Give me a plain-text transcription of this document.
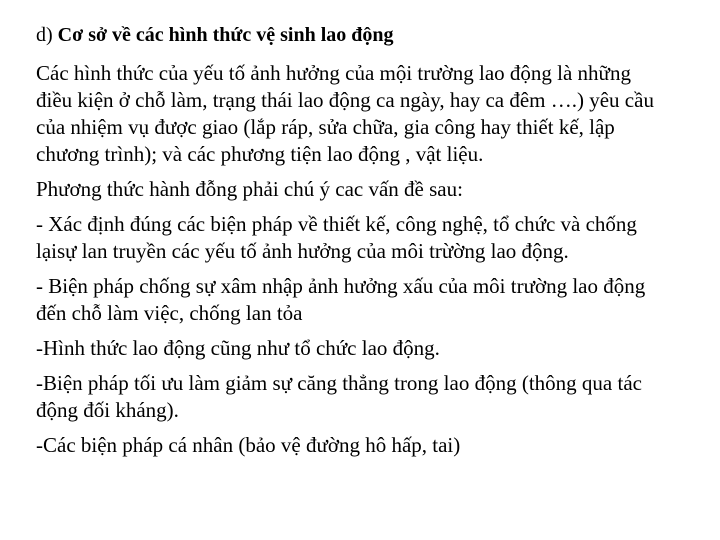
d) Cơ sở về các hình thức vệ sinh lao động
Các hình thức của yếu tố ảnh hưởng của mội trường lao động là những
điều kiện ở chỗ làm, trạng thái lao động ca ngày, hay ca đêm ….) yêu cầu
của nhiệm vụ được giao (lắp ráp, sửa chữa, gia công hay thiết kế, lập
chương trình); và các phương tiện lao động , vật liệu.
Phương thức hành đỗng phải chú ý cac vấn đề sau:
- Xác định đúng các biện pháp về thiết kế, công nghệ, tổ chức và chống
lạisự lan truyền các yếu tố ảnh hưởng của môi trừờng lao động.
- Biện pháp chống sự xâm nhập ảnh hưởng xấu của môi trường lao động
đến chỗ làm việc, chống lan tỏa
-Hình thức lao động cũng như tổ chức lao động.
-Biện pháp tối ưu làm giảm sự căng thẳng trong lao động (thông qua tác
động đối kháng).
-Các biện pháp cá nhân (bảo vệ đường hô hấp, tai)
